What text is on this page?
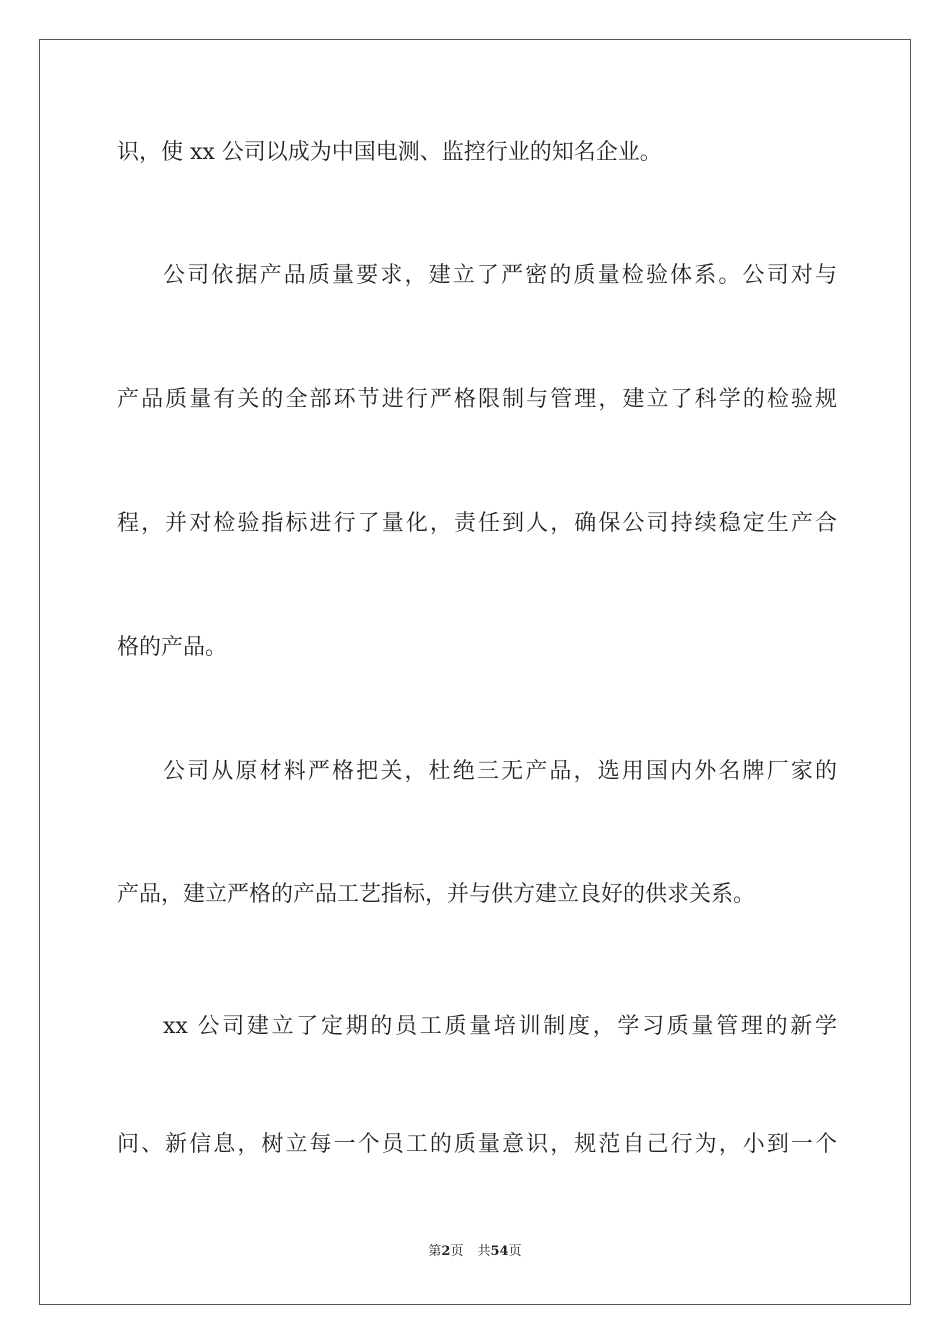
识，使 xx 公司以成为中国电测、监控行业的知名企业。
公司依据产品质量要求，建立了严密的质量检验体系。公司对与
产品质量有关的全部环节进行严格限制与管理，建立了科学的检验规
程，并对检验指标进行了量化，责任到人，确保公司持续稳定生产合
格的产品。
公司从原材料严格把关，杜绝三无产品，选用国内外名牌厂家的
产品，建立严格的产品工艺指标，并与供方建立良好的供求关系。
xx 公司建立了定期的员工质量培训制度，学习质量管理的新学
问、新信息，树立每一个员工的质量意识，规范自己行为，小到一个
第2页 共54页
